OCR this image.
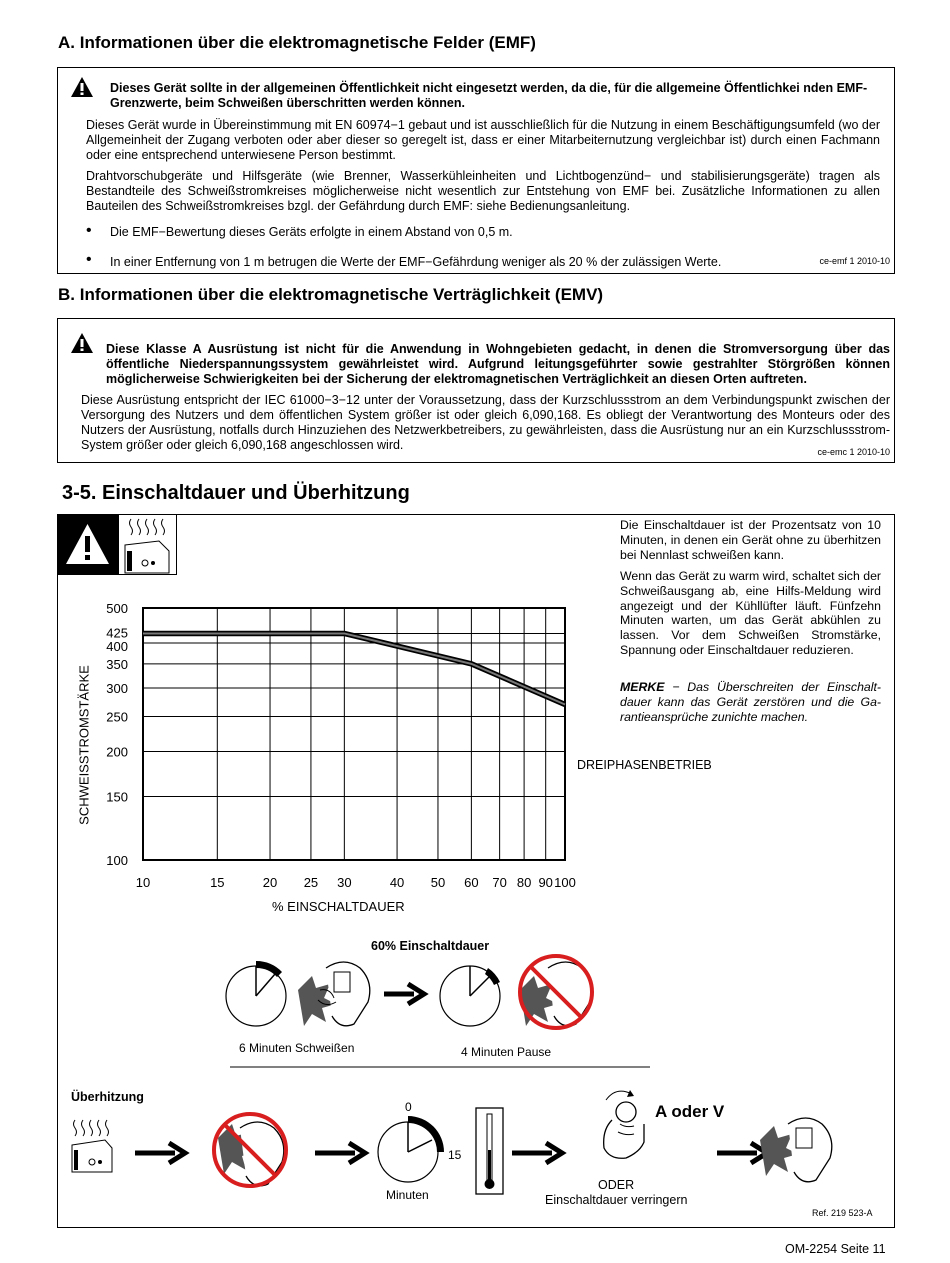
A. Informationen über die elektromagnetische Felder (EMF)
Dieses Gerät sollte in der allgemeinen Öffentlichkeit nicht eingesetzt werden, da die, für die allgemeine Öffentlichkei nden EMF-Grenzwerte, beim Schweißen überschritten werden können.
Dieses Gerät wurde in Übereinstimmung mit EN 60974−1 gebaut und ist ausschließlich für die Nutzung in einem Beschäftigungsumfeld (wo der Allgemeinheit der Zugang verboten oder aber dieser so geregelt ist, dass er einer Mitarbeiternutzung vergleichbar ist) durch einen Fachmann oder eine entsprechend unterwiesene Person bestimmt.
Drahtvorschubgeräte und Hilfsgeräte (wie Brenner, Wasserkühleinheiten und Lichtbogenzünd− und stabilisierungsgeräte) tragen als Bestandteile des Schweißstromkreises möglicherweise nicht wesentlich zur Entstehung von EMF bei. Zusätzliche Informationen zu allen Bauteilen des Schweißstromkreises bzgl. der Gefährdung durch EMF: siehe Bedienungsanleitung.
• Die EMF−Bewertung dieses Geräts erfolgte in einem Abstand von 0,5 m.
• In einer Entfernung von 1 m betrugen die Werte der EMF−Gefährdung weniger als 20 % der zulässigen Werte.	ce-emf 1 2010-10
B. Informationen über die elektromagnetische Verträglichkeit (EMV)
Diese Klasse A Ausrüstung ist nicht für die Anwendung in Wohngebieten gedacht, in denen die Stromversorgung über das öffentliche Niederspannungssystem gewährleistet wird. Aufgrund leitungsgeführter sowie gestrahlter Störgrößen können möglicherweise Schwierigkeiten bei der Sicherung der elektromagnetischen Verträglichkeit an diesen Orten auftreten.
Diese Ausrüstung entspricht der IEC 61000−3−12 unter der Voraussetzung, dass der Kurzschlussstrom an dem Verbindungspunkt zwischen der Versorgung des Nutzers und dem öffentlichen System größer ist oder gleich 6,090,168. Es obliegt der Verantwortung des Monteurs oder des Nutzers der Ausrüstung, notfalls durch Hinzuziehen des Netzwerkbetreibers, zu gewährleisten, dass die Ausrüstung nur an ein Kurzschlussstrom-System größer oder gleich 6,090,168 angeschlossen wird.	ce-emc 1 2010-10
3-5. Einschaltdauer und Überhitzung
Die Einschaltdauer ist der Prozentsatz von 10 Minuten, in denen ein Gerät ohne zu überhitzen bei Nennlast schweißen kann.
Wenn das Gerät zu warm wird, schaltet sich der Schweißausgang ab, eine Hilfs-Meldung wird angezeigt und der Kühllüfter läuft. Fünfzehn Minuten warten, um das Gerät abkühlen zu lassen. Vor dem Schweißen Stromstärke, Spannung oder Einschaltdauer reduzieren.
MERKE − Das Überschreiten der Einschalt- dauer kann das Gerät zerstören und die Ga- rantieansprüche zunichte machen.
DREIPHASENBETRIEB
10	15	20 25 30	40 50 60 70 80 90 100
500
425
400
350
300
250
200
150
100
SCHWEISSTROMSTÄRKE
% EINSCHALTDAUER
60% Einschaltdauer
6 Minuten Schweißen	4 Minuten Pause
Überhitzung
0
15
Minuten
A oder V
ODER
Einschaltdauer verringern
Ref. 219 523-A
OM-2254 Seite 11
